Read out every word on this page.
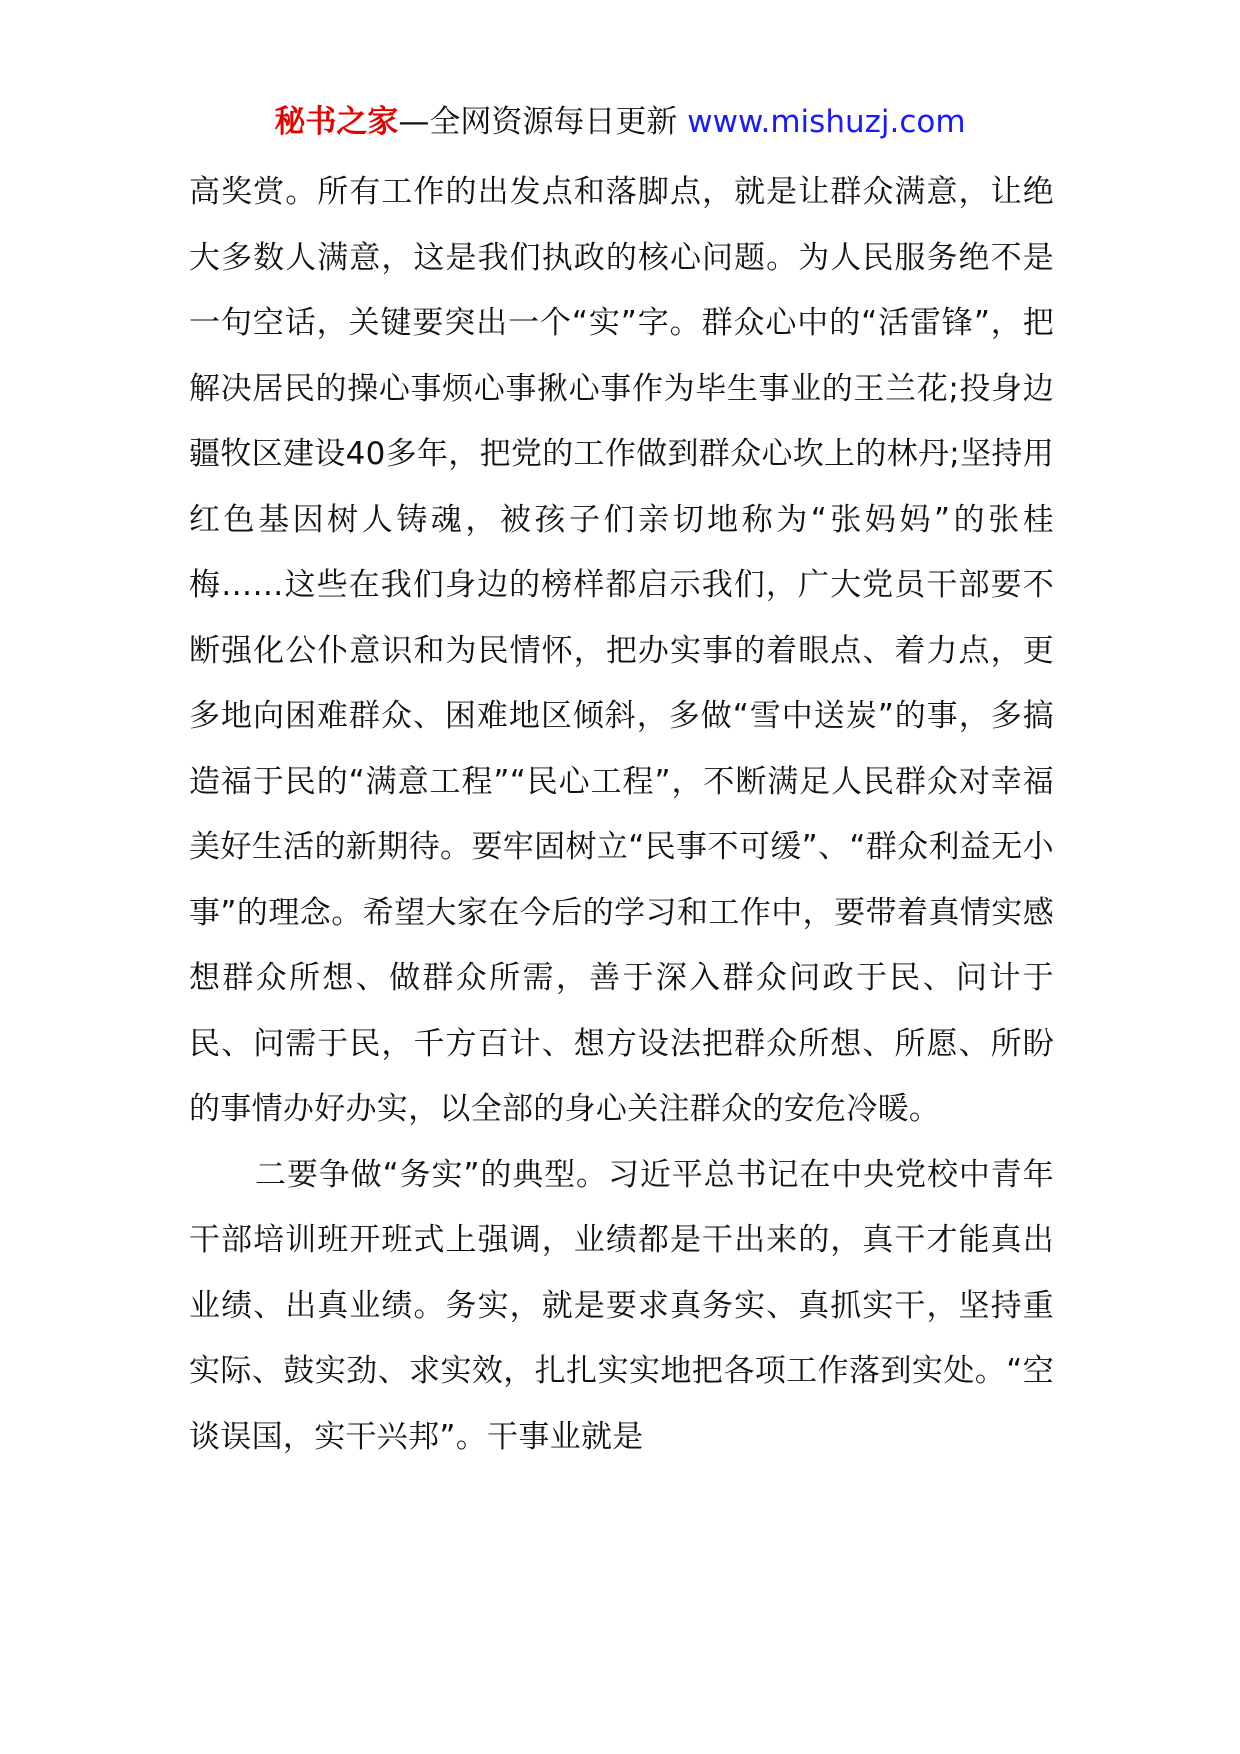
秘书之家—全网资源每日更新 www.mishuzj.com

高奖赏。所有工作的出发点和落脚点，就是让群众满意，让绝大多数人满意，这是我们执政的核心问题。为人民服务绝不是一句空话，关键要突出一个“实”字。群众心中的“活雷锋”，把解决居民的操心事烦心事揪心事作为毕生事业的王兰花;投身边疆牧区建设40多年，把党的工作做到群众心坎上的林丹;坚持用红色基因树人铸魂，被孩子们亲切地称为“张妈妈”的张桂梅……这些在我们身边的榜样都启示我们，广大党员干部要不断强化公仆意识和为民情怀，把办实事的着眼点、着力点，更多地向困难群众、困难地区倾斜，多做“雪中送炭”的事，多搞造福于民的“满意工程”“民心工程”，不断满足人民群众对幸福美好生活的新期待。要牢固树立“民事不可缓”、“群众利益无小事”的理念。希望大家在今后的学习和工作中，要带着真情实感想群众所想、做群众所需，善于深入群众问政于民、问计于民、问需于民，千方百计、想方设法把群众所想、所愿、所盼的事情办好办实，以全部的身心关注群众的安危冷暖。

二要争做“务实”的典型。习近平总书记在中央党校中青年干部培训班开班式上强调，业绩都是干出来的，真干才能真出业绩、出真业绩。务实，就是要求真务实、真抓实干，坚持重实际、鼓实劲、求实效，扎扎实实地把各项工作落到实处。“空谈误国，实干兴邦”。干事业就是
